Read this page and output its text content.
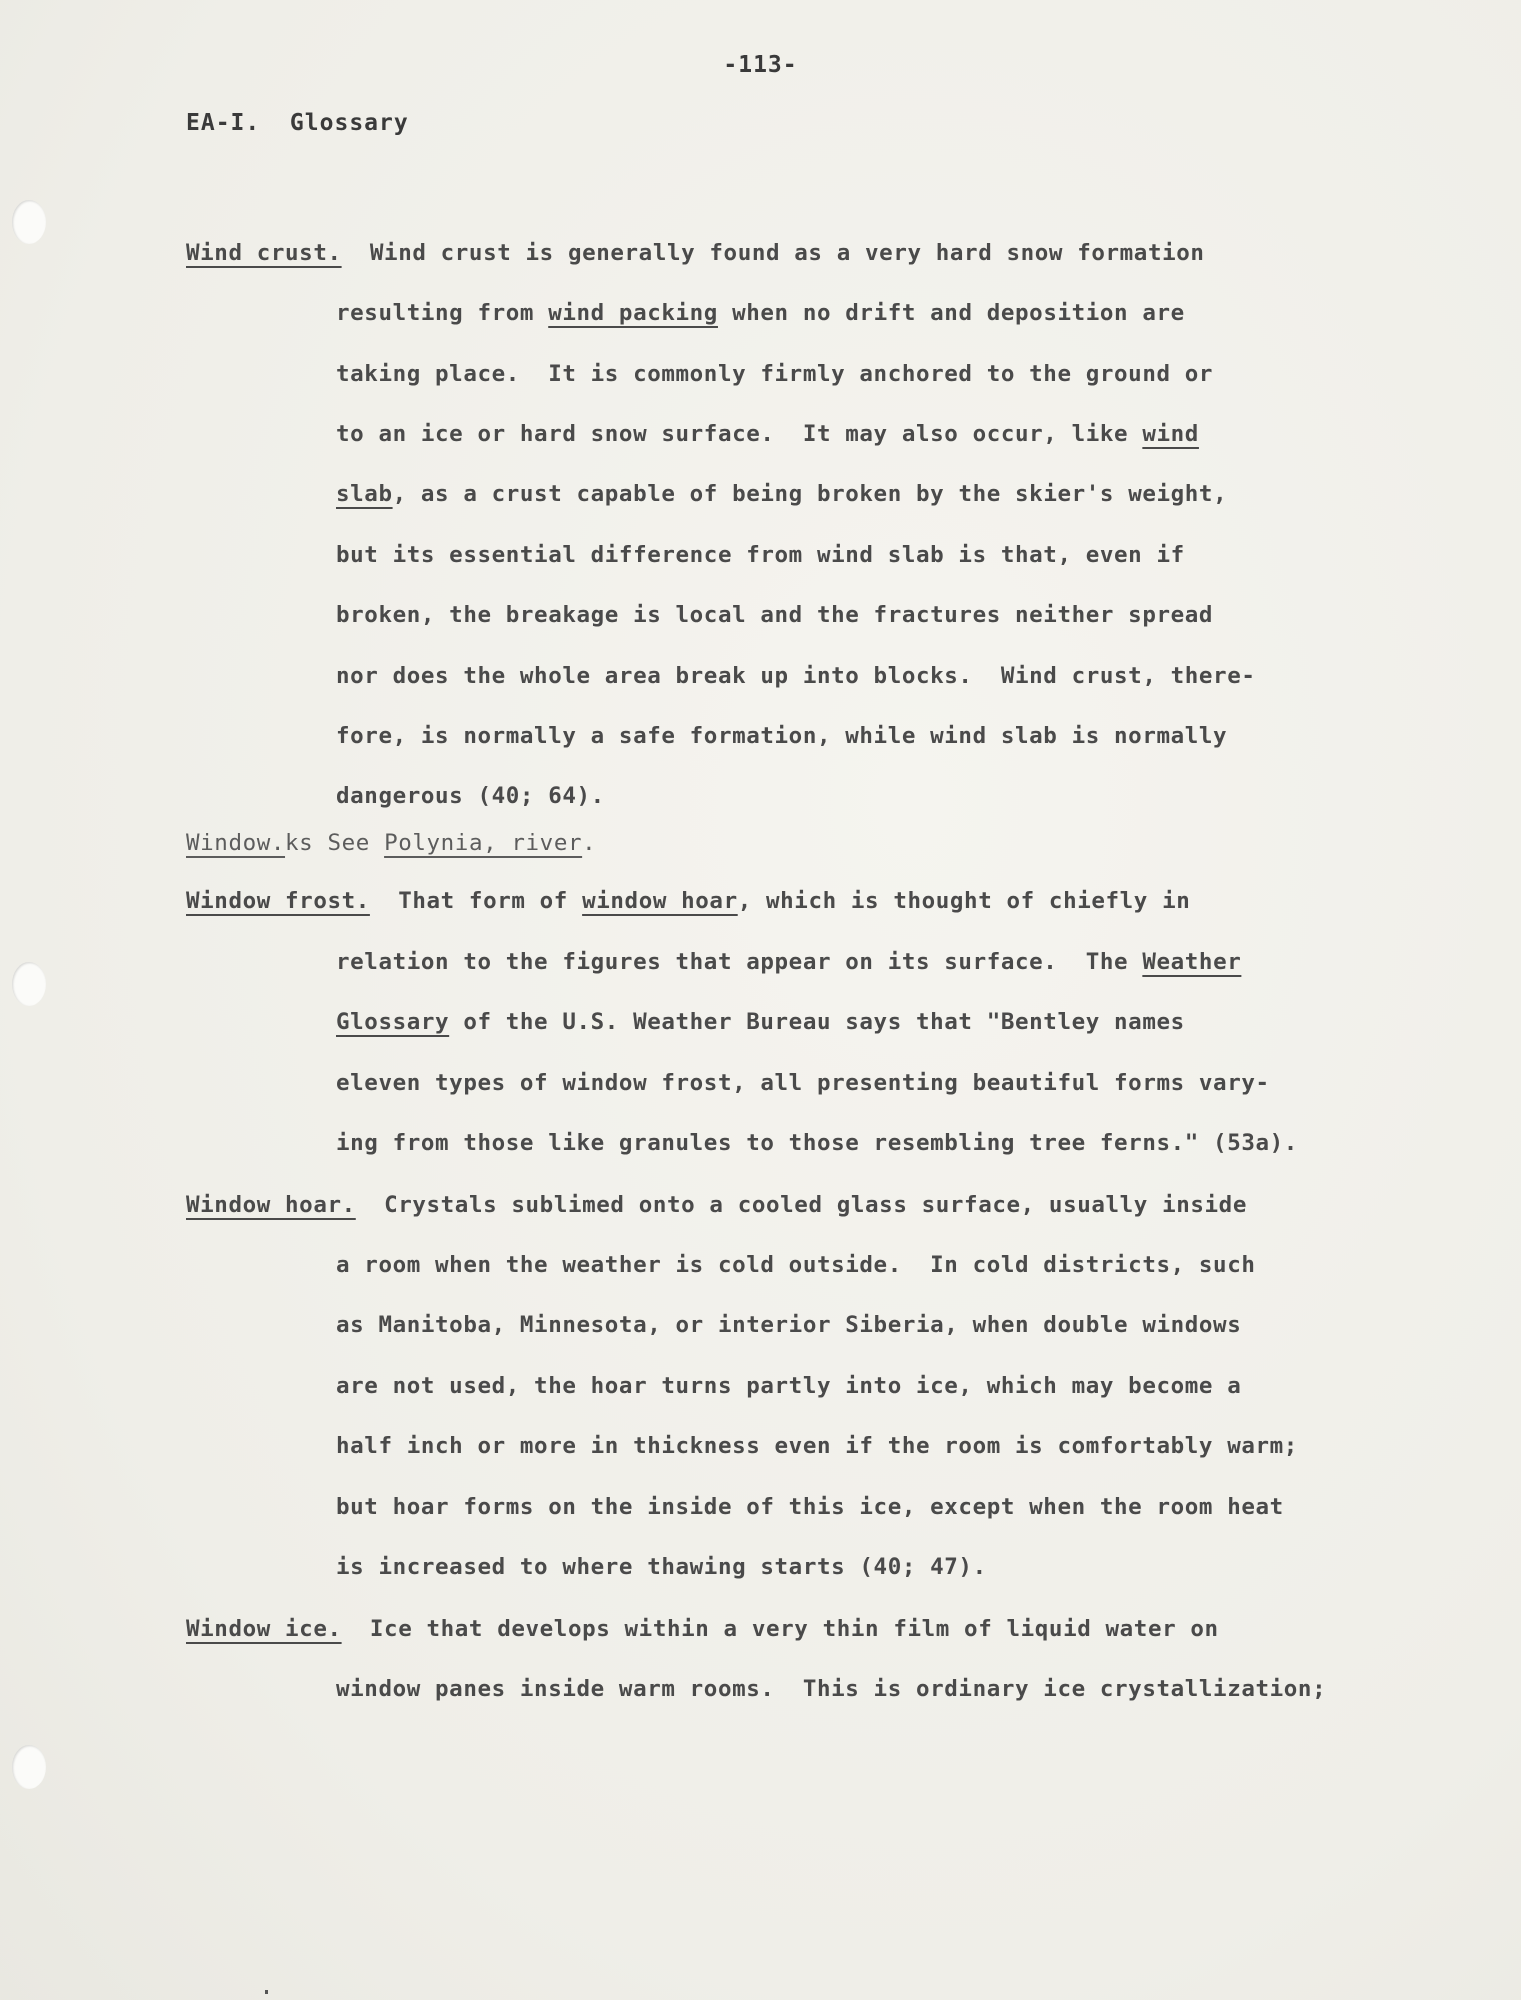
-113-
EA-I.  Glossary
Wind crust. Wind crust is generally found as a very hard snow formation
resulting from wind packing when no drift and deposition are
taking place.  It is commonly firmly anchored to the ground or
to an ice or hard snow surface.  It may also occur, like wind
slab, as a crust capable of being broken by the skier's weight,
but its essential difference from wind slab is that, even if
broken, the breakage is local and the fractures neither spread
nor does the whole area break up into blocks.  Wind crust, there-
fore, is normally a safe formation, while wind slab is normally
dangerous (40; 64).
Window.ks See Polynia, river.
Window frost. That form of window hoar, which is thought of chiefly in
relation to the figures that appear on its surface.  The Weather
Glossary of the U.S. Weather Bureau says that "Bentley names
eleven types of window frost, all presenting beautiful forms vary-
ing from those like granules to those resembling tree ferns." (53a).
Window hoar. Crystals sublimed onto a cooled glass surface, usually inside
a room when the weather is cold outside.  In cold districts, such
as Manitoba, Minnesota, or interior Siberia, when double windows
are not used, the hoar turns partly into ice, which may become a
half inch or more in thickness even if the room is comfortably warm;
but hoar forms on the inside of this ice, except when the room heat
is increased to where thawing starts (40; 47).
Window ice. Ice that develops within a very thin film of liquid water on
window panes inside warm rooms.  This is ordinary ice crystallization;
